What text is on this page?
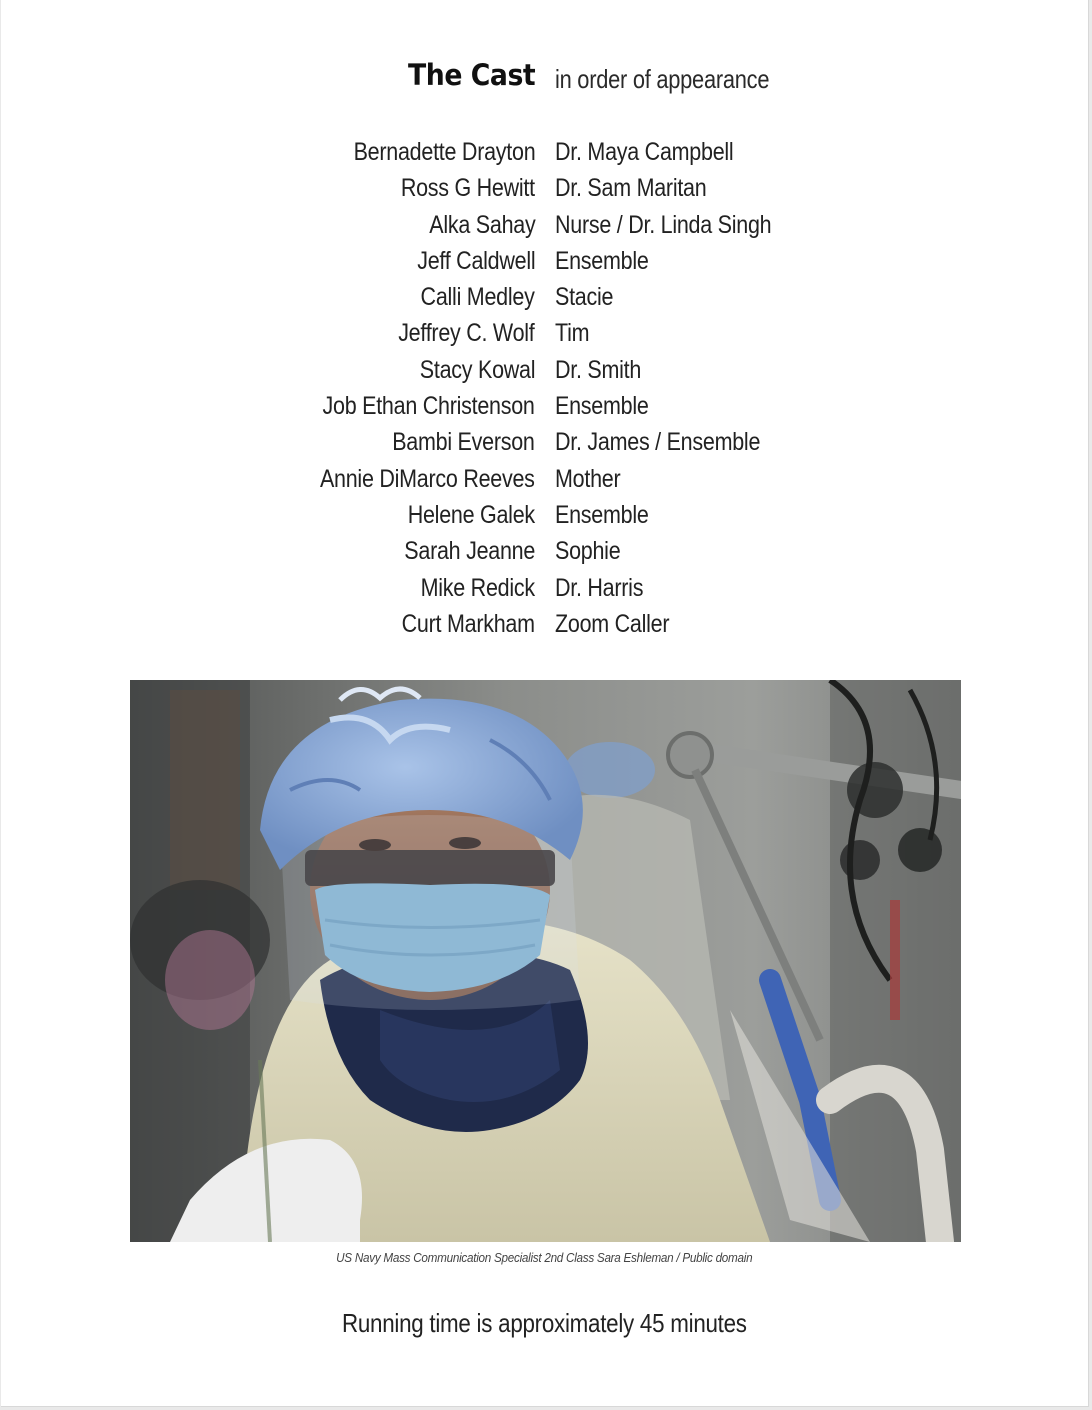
The Cast in order of appearance
Bernadette Drayton Dr. Maya Campbell
Ross G Hewitt Dr. Sam Maritan
Alka Sahay Nurse / Dr. Linda Singh
Jeff Caldwell Ensemble
Calli Medley Stacie
Jeffrey C. Wolf Tim
Stacy Kowal Dr. Smith
Job Ethan Christenson Ensemble
Bambi Everson Dr. James / Ensemble
Annie DiMarco Reeves Mother
Helene Galek Ensemble
Sarah Jeanne Sophie
Mike Redick Dr. Harris
Curt Markham Zoom Caller
US Navy Mass Communication Specialist 2nd Class Sara Eshleman / Public domain
Running time is approximately 45 minutes
